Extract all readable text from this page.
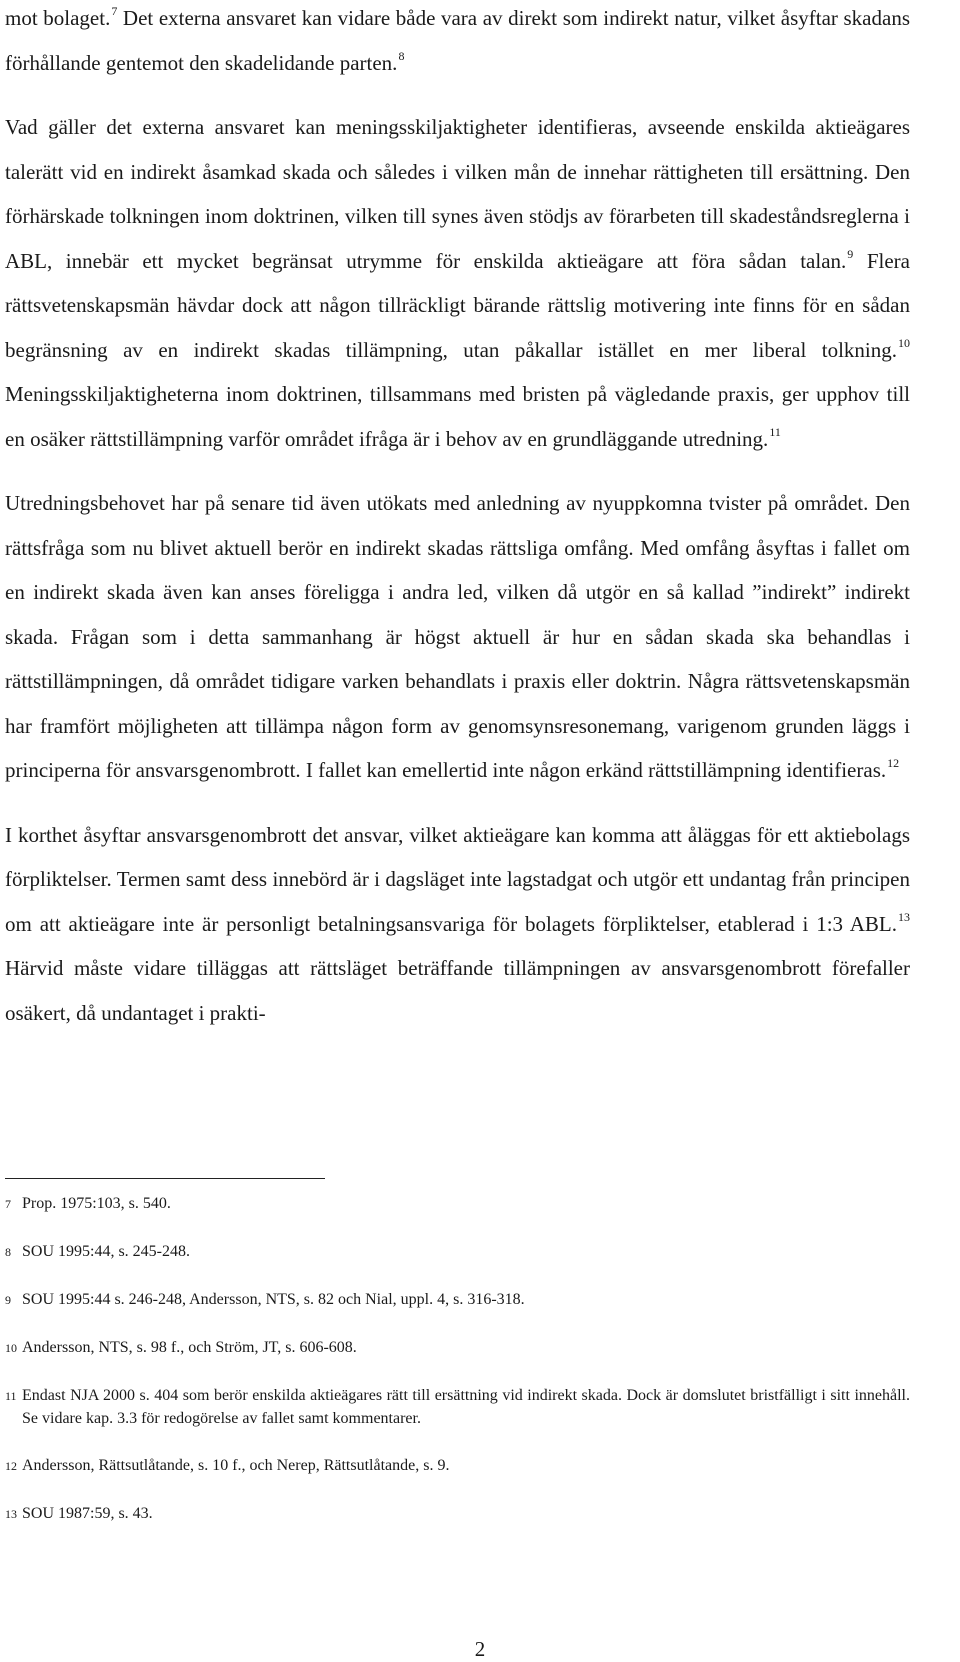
mot bolaget.$^7$ Det externa ansvaret kan vidare både vara av direkt som indirekt natur, vilket åsyftar skadans förhållande gentemot den skadelidande parten.$^8$

Vad gäller det externa ansvaret kan meningsskiljaktigheter identifieras, avseende enskilda aktieägares talerätt vid en indirekt åsamkad skada och således i vilken mån de innehar rättigheten till ersättning. Den förhärskade tolkningen inom doktrinen, vilken till synes även stödjs av förarbeten till skadeståndsreglerna i ABL, innebär ett mycket begränsat utrymme för enskilda aktieägare att föra sådan talan.$^9$ Flera rättsvetenskapsmän hävdar dock att någon tillräckligt bärande rättslig motivering inte finns för en sådan begränsning av en indirekt skadas tillämpning, utan påkallar istället en mer liberal tolkning.$^{10}$ Meningsskiljaktigheterna inom doktrinen, tillsammans med bristen på vägledande praxis, ger upphov till en osäker rättstillämpning varför området ifråga är i behov av en grundläggande utredning.$^{11}$

Utredningsbehovet har på senare tid även utökats med anledning av nyuppkomna tvister på området. Den rättsfråga som nu blivet aktuell berör en indirekt skadas rättsliga omfång. Med omfång åsyftas i fallet om en indirekt skada även kan anses föreligga i andra led, vilken då utgör en så kallad ”indirekt” indirekt skada. Frågan som i detta sammanhang är högst aktuell är hur en sådan skada ska behandlas i rättstillämpningen, då området tidigare varken behandlats i praxis eller doktrin. Några rättsvetenskapsmän har framfört möjligheten att tillämpa någon form av genomsynsresonemang, varigenom grunden läggs i principerna för ansvarsgenombrott. I fallet kan emellertid inte någon erkänd rättstillämpning identifieras.$^{12}$

I korthet åsyftar ansvarsgenombrott det ansvar, vilket aktieägare kan komma att åläggas för ett aktiebolags förpliktelser. Termen samt dess innebörd är i dagsläget inte lagstadgat och utgör ett undantag från principen om att aktieägare inte är personligt betalningsansvariga för bolagets förpliktelser, etablerad i 1:3 ABL.$^{13}$ Härvid måste vidare tilläggas att rättsläget beträffande tillämpningen av ansvarsgenombrott förefaller osäkert, då undantaget i prakti-

7 Prop. 1975:103, s. 540.
8 SOU 1995:44, s. 245-248.
9 SOU 1995:44 s. 246-248, Andersson, NTS, s. 82 och Nial, uppl. 4, s. 316-318.
10 Andersson, NTS, s. 98 f., och Ström, JT, s. 606-608.
11 Endast NJA 2000 s. 404 som berör enskilda aktieägares rätt till ersättning vid indirekt skada. Dock är domslutet bristfälligt i sitt innehåll. Se vidare kap. 3.3 för redogörelse av fallet samt kommentarer.
12 Andersson, Rättsutlåtande, s. 10 f., och Nerep, Rättsutlåtande, s. 9.
13 SOU 1987:59, s. 43.
2
